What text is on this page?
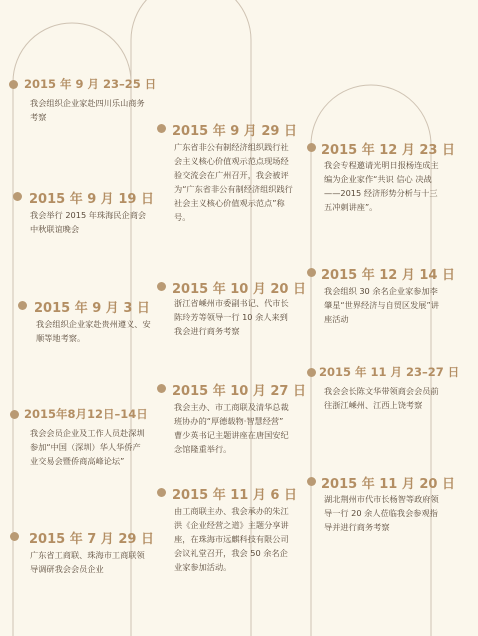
2015 年 9 月 23–25 日
我会组织企业家赴四川乐山商务考察
2015 年 9 月 19 日
我会举行 2015 年珠海民企商会中秋联谊晚会
2015 年 9 月 3 日
我会组织企业家赴贵州遵义、安顺等地考察。
2015年8月12日–14日
我会会员企业及工作人员赴深圳参加“中国（深圳）华人华侨产业交易会暨侨商高峰论坛”
2015 年 7 月 29 日
广东省工商联、珠海市工商联领导调研我会会员企业
2015 年 9 月 29 日
广东省非公有制经济组织践行社会主义核心价值观示范点现场经验交流会在广州召开，我会被评为“广东省非公有制经济组织践行社会主义核心价值观示范点”称号。
2015 年 10 月 20 日
浙江省嵊州市委副书记、代市长陈玲芳等领导一行 10 余人来到我会进行商务考察
2015 年 10 月 27 日
我会主办、市工商联及清华总裁班协办的“厚德载物·智慧经营” 曹少英书记主题讲座在唐国安纪念馆隆重举行。
2015 年 11 月 6 日
由工商联主办、我会承办的朱江洪《企业经营之道》主题分享讲座，在珠海市远麒科技有限公司会议礼堂召开，我会 50 余名企业家参加活动。
2015 年 12 月 23 日
我会专程邀请光明日报杨连成主编为企业家作“共识 信心 决战——2015 经济形势分析与十三五冲刺讲座”。
2015 年 12 月 14 日
我会组织 30 余名企业家参加李肇星“世界经济与自贸区发展”讲座活动
2015 年 11 月 23–27 日
我会会长陈文华带领商会会员前往浙江嵊州、江西上饶考察
2015 年 11 月 20 日
湖北荆州市代市长杨智等政府领导一行 20 余人莅临我会参观指导并进行商务考察
